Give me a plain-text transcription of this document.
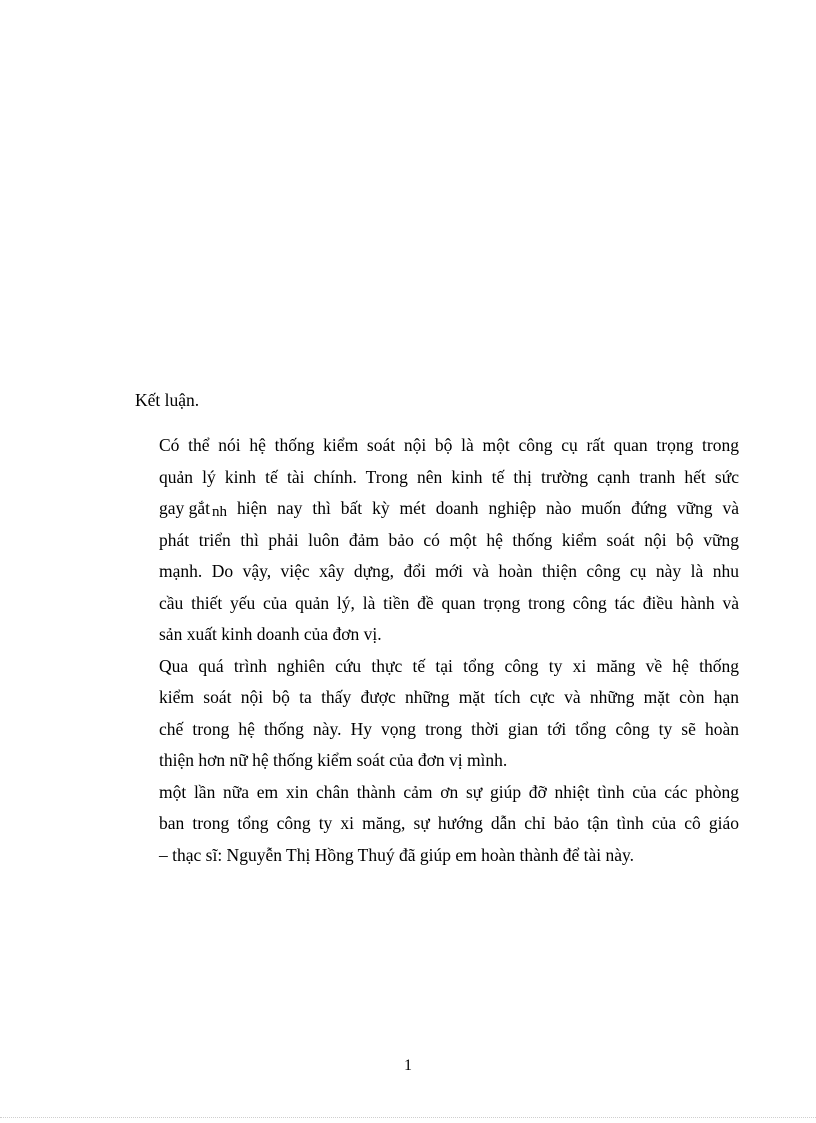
Kết luận.
Có thể nói hệ thống kiểm soát nội bộ là một công cụ rất quan trọng trong
quản lý kinh tế tài chính. Trong nên kinh tế thị trường cạnh tranh hết sức
gay gắt nh hiện nay thì bất kỳ mét doanh nghiệp nào muốn đứng vững và
phát triển thì phải luôn đảm bảo có một hệ thống kiểm soát nội bộ vững
mạnh. Do vậy, việc xây dựng, đổi mới và hoàn thiện công cụ này là nhu
cầu thiết yếu của quản lý, là tiền đề quan trọng trong công tác điều hành và
sản xuất kinh doanh của đơn vị.
Qua quá trình nghiên cứu thực tế tại tổng công ty xi măng về hệ thống
kiểm soát nội bộ ta thấy được những mặt tích cực và những mặt còn hạn
chế trong hệ thống này. Hy vọng trong thời gian tới tổng công ty sẽ hoàn
thiện hơn nữ hệ thống kiểm soát của đơn vị mình.
một lần nữa em xin chân thành cảm ơn sự giúp đỡ nhiệt tình của các phòng
ban trong tổng công ty xi măng, sự hướng dẫn chỉ bảo tận tình của cô giáo
– thạc sĩ: Nguyễn Thị Hồng Thuý đã giúp em hoàn thành để tài này.
1
